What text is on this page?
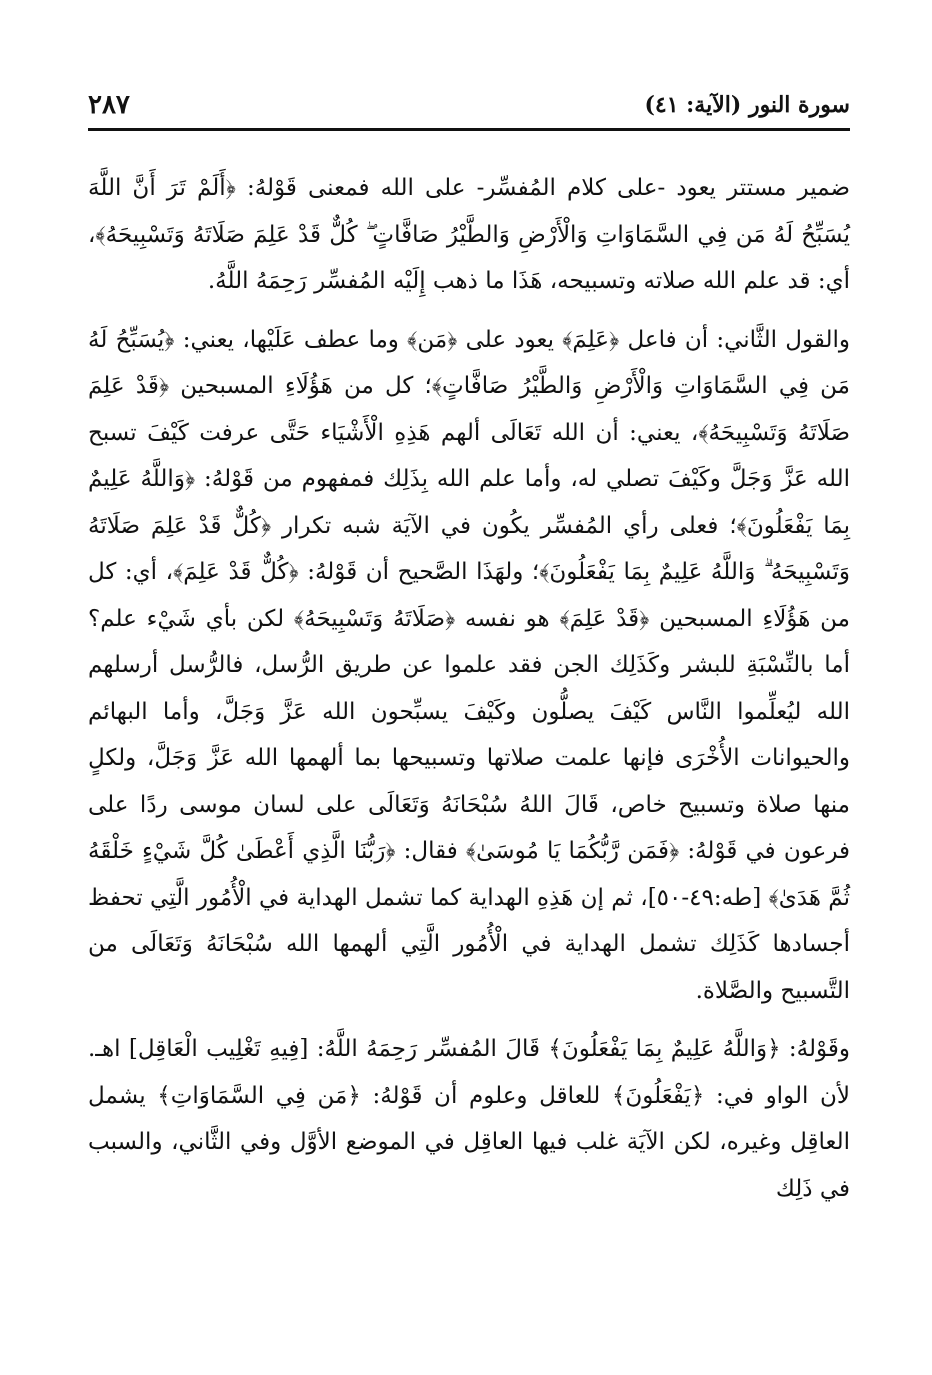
سورة النور (الآية: ٤١)
٢٨٧

ضمير مستتر يعود -على كلام المُفسِّر- على الله فمعنى قَوْلهُ: ﴿أَلَمْ تَرَ أَنَّ اللَّهَ يُسَبِّحُ لَهُ مَن فِي السَّمَاوَاتِ وَالْأَرْضِ وَالطَّيْرُ صَافَّاتٍ ۖ كُلٌّ قَدْ عَلِمَ صَلَاتَهُ وَتَسْبِيحَهُ﴾، أي: قد علم الله صلاته وتسبيحه، هَذَا ما ذهب إِلَيْه المُفسِّر رَحِمَهُ اللَّهُ.

والقول الثَّاني: أن فاعل ﴿عَلِمَ﴾ يعود على ﴿مَن﴾ وما عطف عَلَيْها، يعني: ﴿يُسَبِّحُ لَهُ مَن فِي السَّمَاوَاتِ وَالْأَرْضِ وَالطَّيْرُ صَافَّاتٍ﴾؛ كل من هَؤُلَاءِ المسبحين ﴿قَدْ عَلِمَ صَلَاتَهُ وَتَسْبِيحَهُ﴾، يعني: أن الله تَعَالَى ألهم هَذِهِ الْأَشْيَاء حَتَّى عرفت كَيْفَ تسبح الله عَزَّ وَجَلَّ وكَيْفَ تصلي له، وأما علم الله بِذَلِك فمفهوم من قَوْلهُ: ﴿وَاللَّهُ عَلِيمٌ بِمَا يَفْعَلُونَ﴾؛ فعلى رأي المُفسِّر يكُون في الآيَة شبه تكرار ﴿كُلٌّ قَدْ عَلِمَ صَلَاتَهُ وَتَسْبِيحَهُ ۗ وَاللَّهُ عَلِيمٌ بِمَا يَفْعَلُونَ﴾؛ ولهَذَا الصَّحيح أن قَوْلهُ: ﴿كُلٌّ قَدْ عَلِمَ﴾، أي: كل من هَؤُلَاءِ المسبحين ﴿قَدْ عَلِمَ﴾ هو نفسه ﴿صَلَاتَهُ وَتَسْبِيحَهُ﴾ لكن بأي شَيْء علم؟ أما بالنِّسْبَةِ للبشر وكَذَلِك الجن فقد علموا عن طريق الرُّسل، فالرُّسل أرسلهم الله ليُعلِّموا النَّاس كَيْفَ يصلُّون وكَيْفَ يسبِّحون الله عَزَّ وَجَلَّ، وأما البهائم والحيوانات الأُخْرَى فإنها علمت صلاتها وتسبيحها بما ألهمها الله عَزَّ وَجَلَّ، ولكلٍ منها صلاة وتسبيح خاص، قَالَ اللهُ سُبْحَانَهُ وَتَعَالَى على لسان موسى ردًا على فرعون في قَوْلهُ: ﴿فَمَن رَّبُّكُمَا يَا مُوسَىٰ﴾ فقال: ﴿رَبُّنَا الَّذِي أَعْطَىٰ كُلَّ شَيْءٍ خَلْقَهُ ثُمَّ هَدَىٰ﴾ [طه:٤٩-٥٠]، ثم إن هَذِهِ الهداية كما تشمل الهداية في الْأُمُور الَّتِي تحفظ أجسادها كَذَلِك تشمل الهداية في الْأُمُور الَّتِي ألهمها الله سُبْحَانَهُ وَتَعَالَى من التَّسبيح والصَّلاة.

وقَوْلهُ: ﴿وَاللَّهُ عَلِيمٌ بِمَا يَفْعَلُونَ﴾ قَالَ المُفسِّر رَحِمَهُ اللَّهُ: [فِيهِ تَغْلِيب الْعَاقِل] اهـ. لأن الواو في: ﴿يَفْعَلُونَ﴾ للعاقل وعلوم أن قَوْلهُ: ﴿مَن فِي السَّمَاوَاتِ﴾ يشمل العاقِل وغيره، لكن الآيَة غلب فيها العاقِل في الموضع الأوَّل وفي الثَّاني، والسبب في ذَلِك
